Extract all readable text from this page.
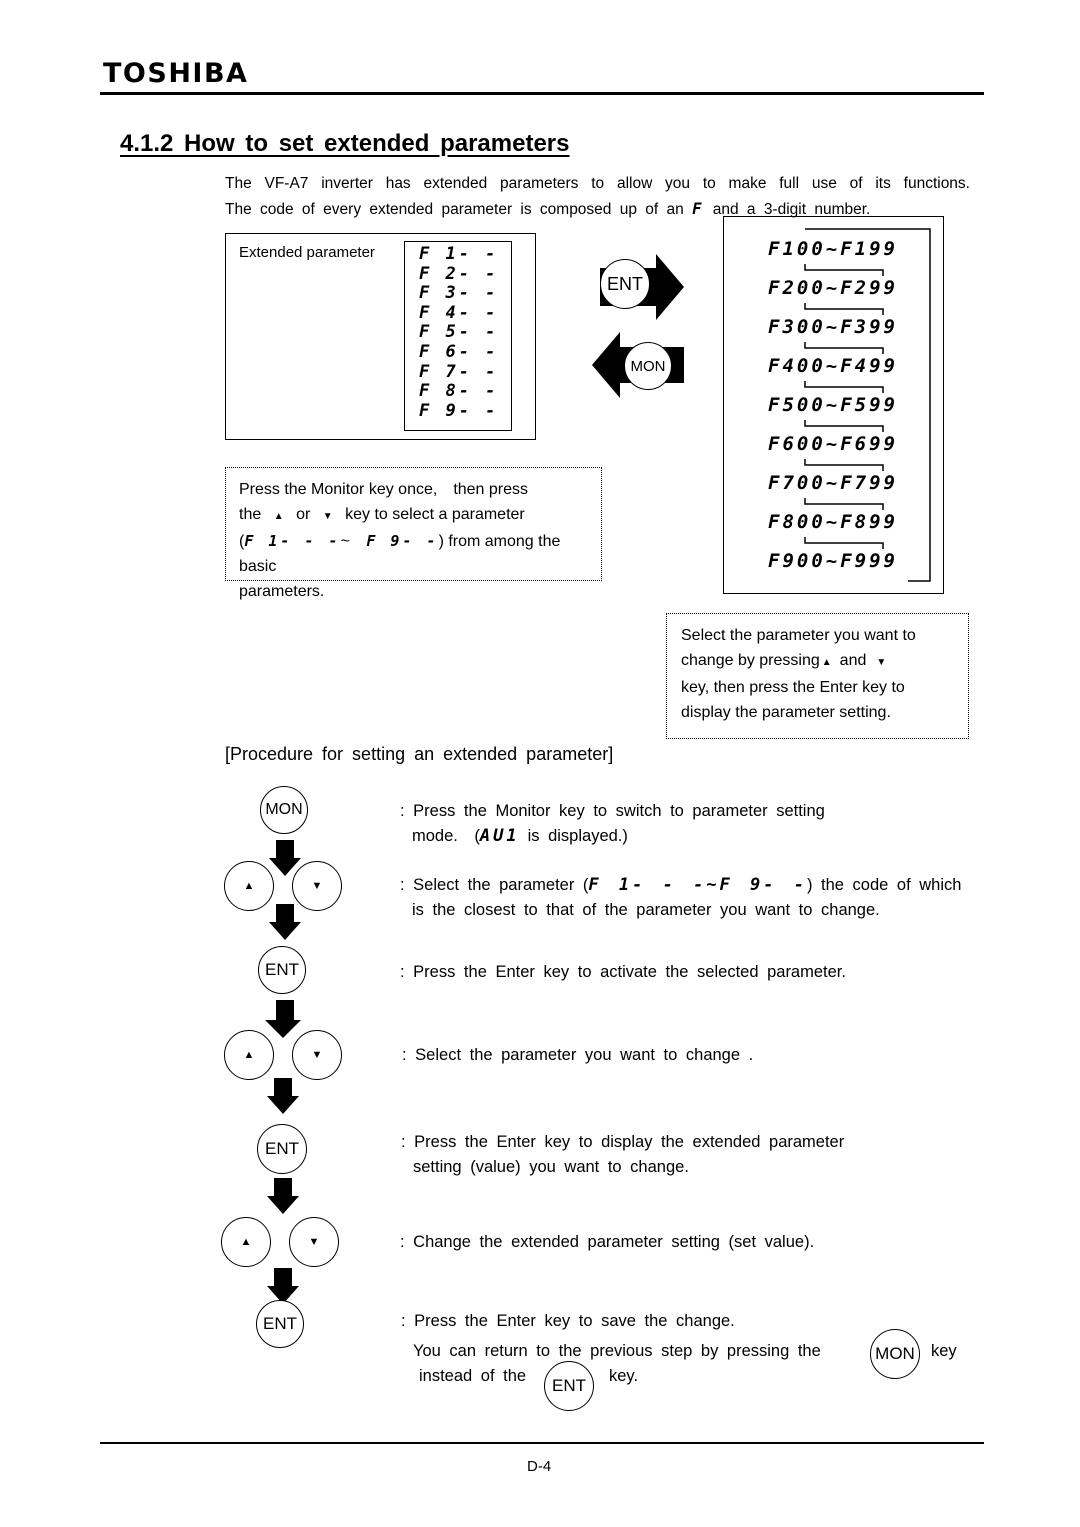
TOSHIBA
4.1.2 How to set extended parameters
The VF-A7 inverter has extended parameters to allow you to make full use of its functions.
The code of every extended parameter is composed up of an F and a 3-digit number.
Extended parameter	F 1- -
F 2- -
F 3- -
F 4- -
F 5- -
F 6- -
F 7- -
F 8- -
F 9- -
ENT
MON
F100~F199
F200~F299
F300~F399
F400~F499
F500~F599
F600~F699
F700~F799
F800~F899
F900~F999
Press the Monitor key once,　then press
the ▲ or ▼ key to select a parameter
(F 1- - -~ F 9- -) from among the basic
parameters.
Select the parameter you want to
change by pressing ▲ and ▼
key, then press the Enter key to
display the parameter setting.
[Procedure for setting an extended parameter]
MON
▲	▼
ENT
▲	▼
ENT
▲	▼
ENT
: Press the Monitor key to switch to parameter setting
mode.　(AU1 is displayed.)
: Select the parameter (F 1- - -~F 9- -) the code of which
is the closest to that of the parameter you want to change.
: Press the Enter key to activate the selected parameter.
: Select the parameter you want to change .
: Press the Enter key to display the extended parameter
setting (value) you want to change.
: Change the extended parameter setting (set value).
: Press the Enter key to save the change.
You can return to the previous step by pressing the	MON key
instead of the	ENT	key.
D-4
